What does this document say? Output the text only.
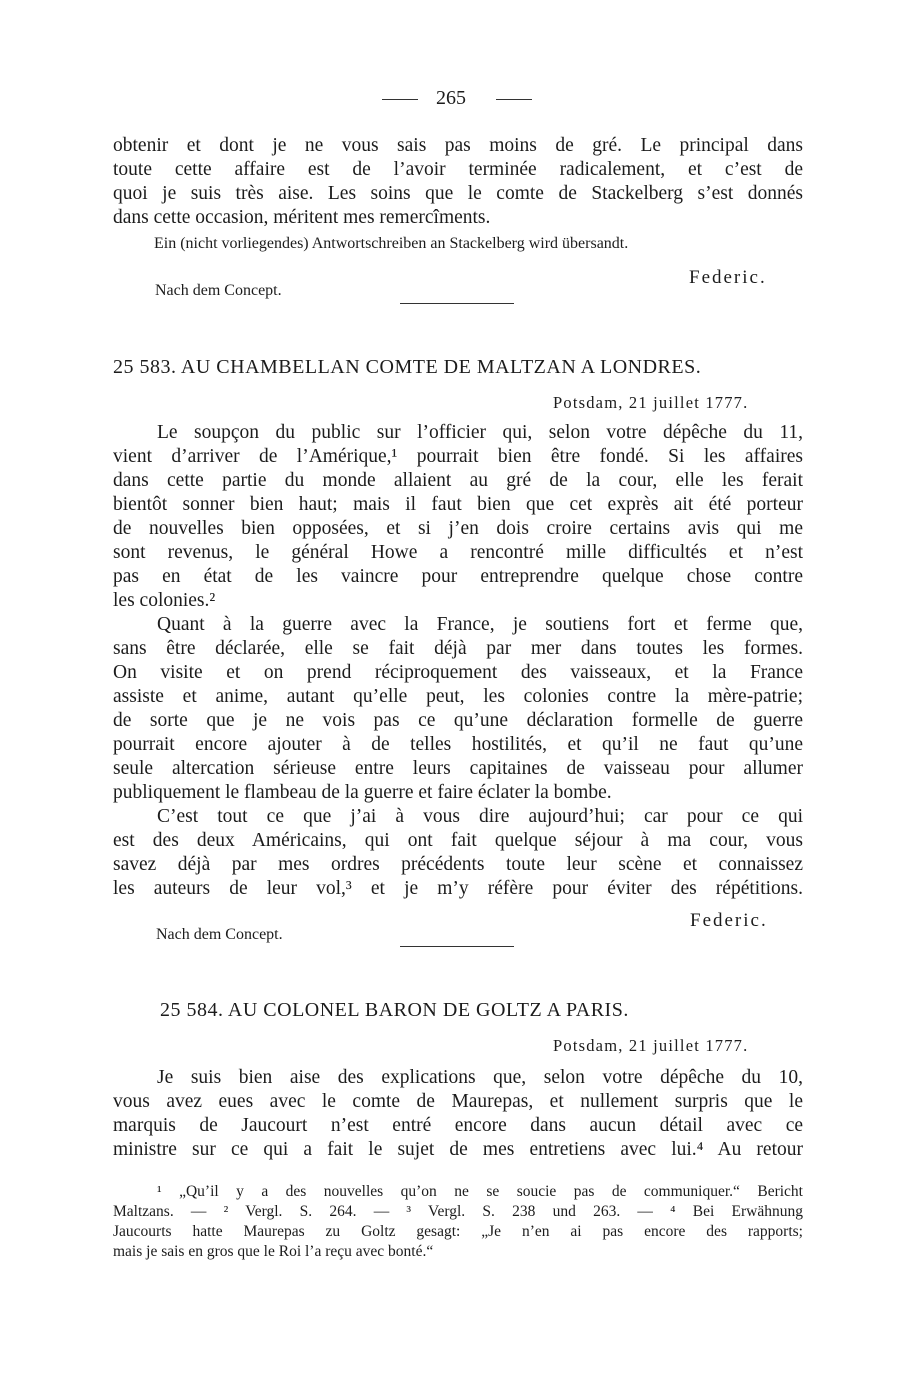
265
obtenir et dont je ne vous sais pas moins de gré. Le principal dans
toute cette affaire est de l’avoir terminée radicalement, et c’est de
quoi je suis très aise. Les soins que le comte de Stackelberg s’est donnés
dans cette occasion, méritent mes remercîments.
Ein (nicht vorliegendes) Antwortschreiben an Stackelberg wird übersandt.
Federic.
Nach dem Concept.
25 583. AU CHAMBELLAN COMTE DE MALTZAN A LONDRES.
Potsdam, 21 juillet 1777.
Le soupçon du public sur l’officier qui, selon votre dépêche du 11,
vient d’arriver de l’Amérique,¹ pourrait bien être fondé. Si les affaires
dans cette partie du monde allaient au gré de la cour, elle les ferait
bientôt sonner bien haut; mais il faut bien que cet exprès ait été porteur
de nouvelles bien opposées, et si j’en dois croire certains avis qui me
sont revenus, le général Howe a rencontré mille difficultés et n’est
pas en état de les vaincre pour entreprendre quelque chose contre
les colonies.²
Quant à la guerre avec la France, je soutiens fort et ferme que,
sans être déclarée, elle se fait déjà par mer dans toutes les formes.
On visite et on prend réciproquement des vaisseaux, et la France
assiste et anime, autant qu’elle peut, les colonies contre la mère-patrie;
de sorte que je ne vois pas ce qu’une déclaration formelle de guerre
pourrait encore ajouter à de telles hostilités, et qu’il ne faut qu’une
seule altercation sérieuse entre leurs capitaines de vaisseau pour allumer
publiquement le flambeau de la guerre et faire éclater la bombe.
C’est tout ce que j’ai à vous dire aujourd’hui; car pour ce qui
est des deux Américains, qui ont fait quelque séjour à ma cour, vous
savez déjà par mes ordres précédents toute leur scène et connaissez
les auteurs de leur vol,³ et je m’y réfère pour éviter des répétitions.
Federic.
Nach dem Concept.
25 584. AU COLONEL BARON DE GOLTZ A PARIS.
Potsdam, 21 juillet 1777.
Je suis bien aise des explications que, selon votre dépêche du 10,
vous avez eues avec le comte de Maurepas, et nullement surpris que le
marquis de Jaucourt n’est entré encore dans aucun détail avec ce
ministre sur ce qui a fait le sujet de mes entretiens avec lui.⁴ Au retour
¹ „Qu’il y a des nouvelles qu’on ne se soucie pas de communiquer.“ Bericht
Maltzans. — ² Vergl. S. 264. — ³ Vergl. S. 238 und 263. — ⁴ Bei Erwähnung
Jaucourts hatte Maurepas zu Goltz gesagt: „Je n’en ai pas encore des rapports;
mais je sais en gros que le Roi l’a reçu avec bonté.“
